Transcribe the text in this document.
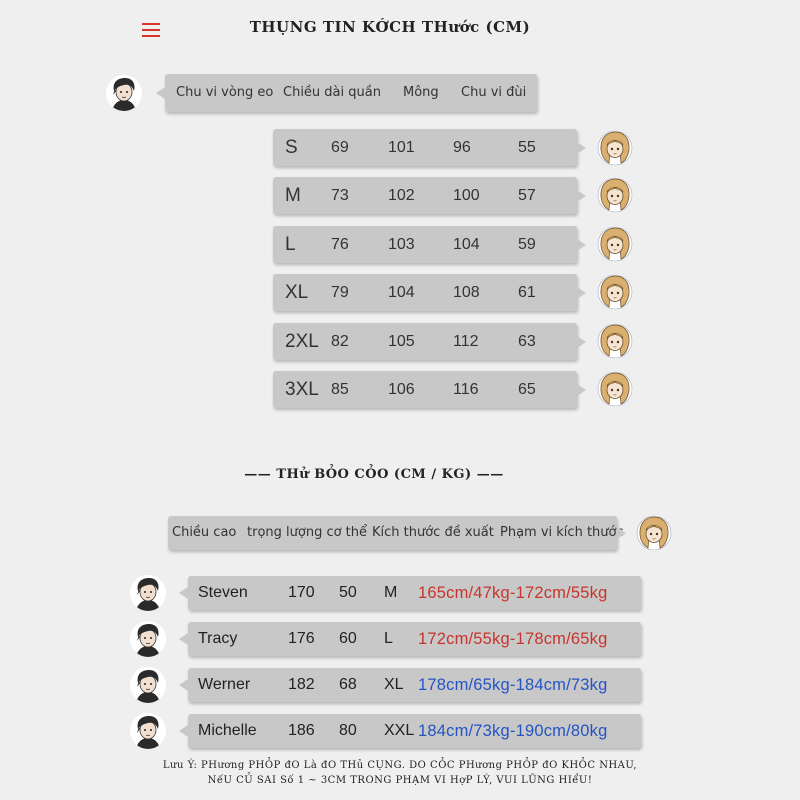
THỤNG TIN KỚCH THước (CM)
Chu vi vòng eo Chiều dài quần Mông Chu vi đùi
S 69 101 96	55
M 73 102 100 57
L 76 103 104 59
XL 79 104 108 61
2XL 82 105 112 63
3XL 85 106 116 65
—— THử BỎO CỎO (CM / KG) ——
Chiều cao trọng lượng cơ thể Kích thước đề xuất Phạm vi kích thước
Steven	170 50 M 165cm/47kg-172cm/55kg
Tracy	176 60 L 172cm/55kg-178cm/65kg
Werner 182 68 XL 178cm/65kg-184cm/73kg
Michelle 186 80 XXL 184cm/73kg-190cm/80kg
Lưu Ý: PHương PHỎP đO Là đO THủ CỤNG. DO CỎC PHương PHỎP đO KHỎC NHAU,
NếU CỦ SAI Số 1 ~ 3CM TRONG PHẠM VI HợP LÝ, VUI LŨNG HIểU!
